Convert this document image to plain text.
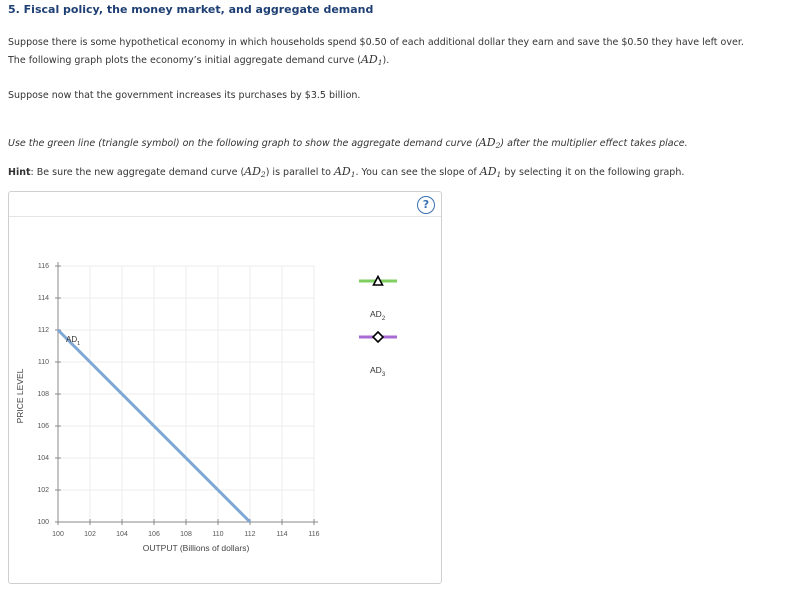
5. Fiscal policy, the money market, and aggregate demand
Suppose there is some hypothetical economy in which households spend $0.50 of each additional dollar they earn and save the $0.50 they have left over. The following graph plots the economy’s initial aggregate demand curve $(AD_1)$.
Suppose now that the government increases its purchases by $3.5 billion.
Use the green line (triangle symbol) on the following graph to show the aggregate demand curve $(AD_2)$ after the multiplier effect takes place.
Hint: Be sure the new aggregate demand curve $(AD_2)$ is parallel to $AD_1$. You can see the slope of $AD_1$ by selecting it on the following graph.
?
100	102	104	106	108	110	112	114	116
100
102
104
106
108
110
112
114
116
OUTPUT (Billions of dollars)
PRICE LEVEL
$AD_1$
$AD_2$
$AD_3$
